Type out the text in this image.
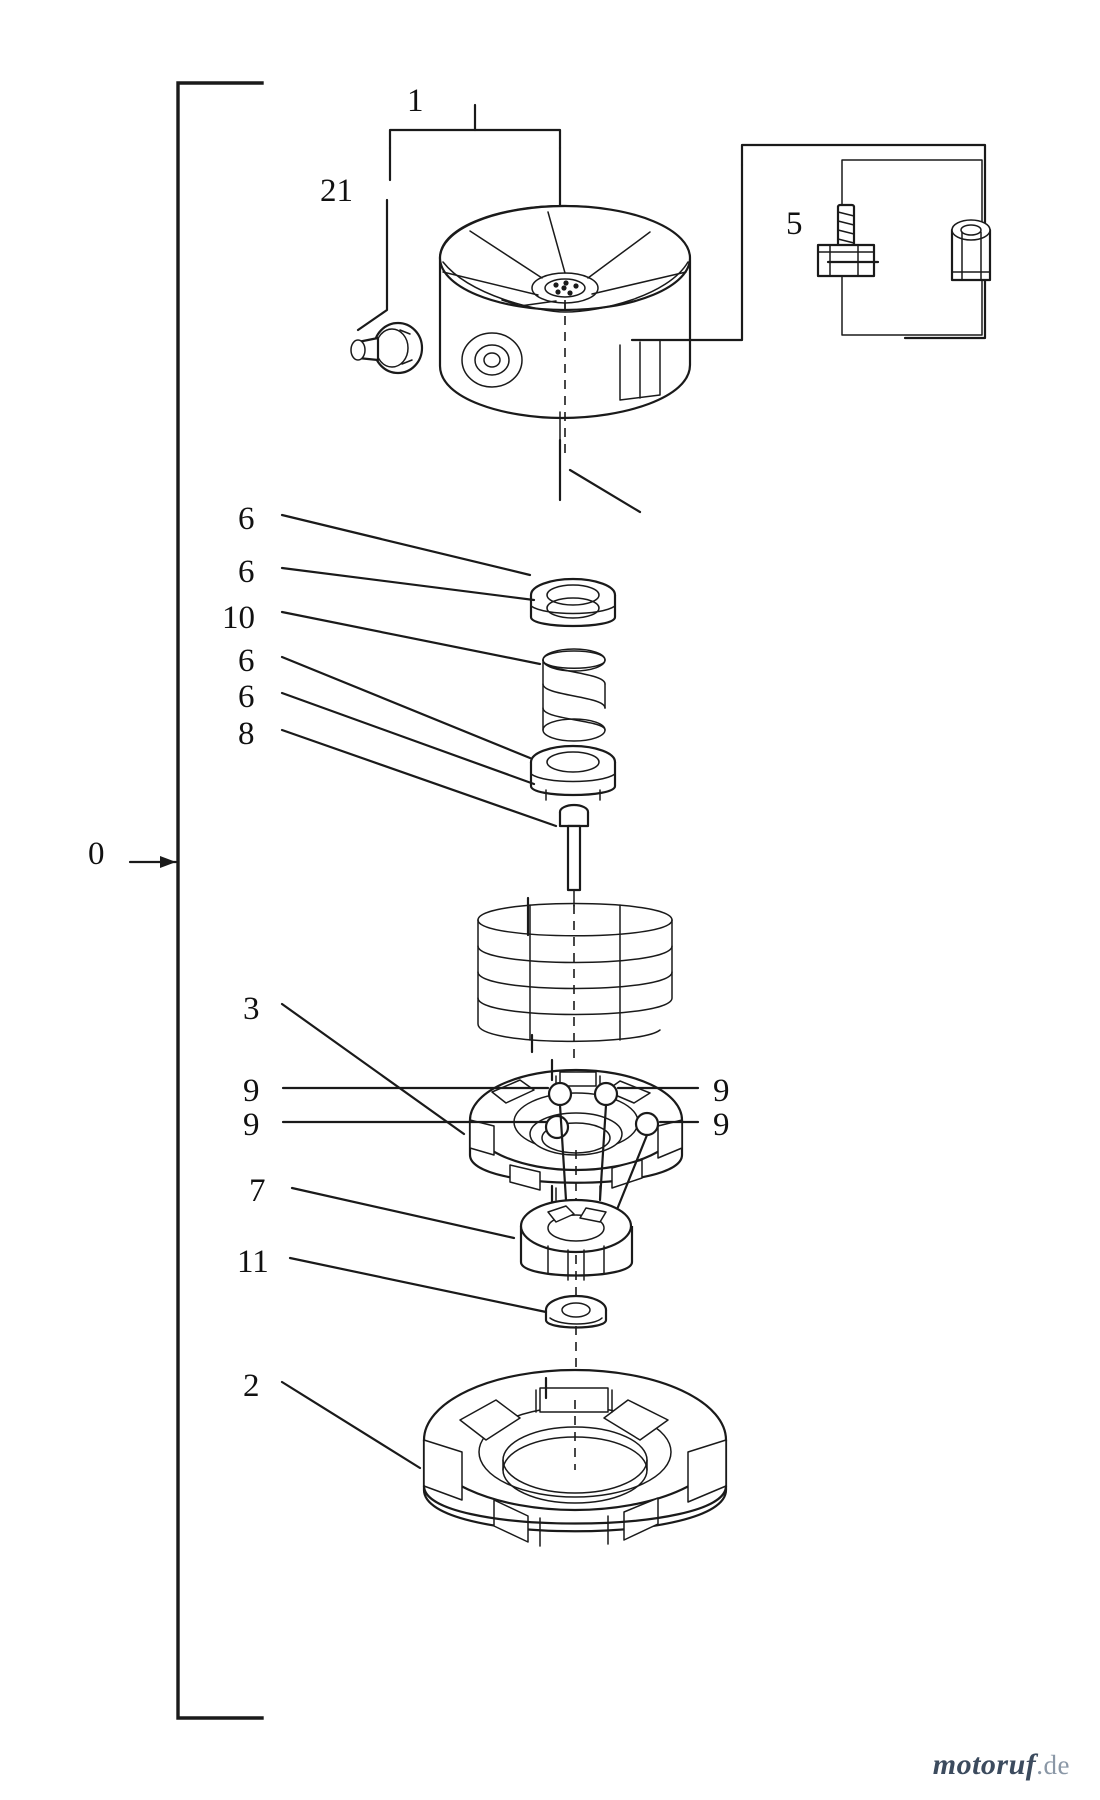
0
1
21
5
6
6
10
6
6
8
3
9	9
9	9
7
11
2
motoruf.de
